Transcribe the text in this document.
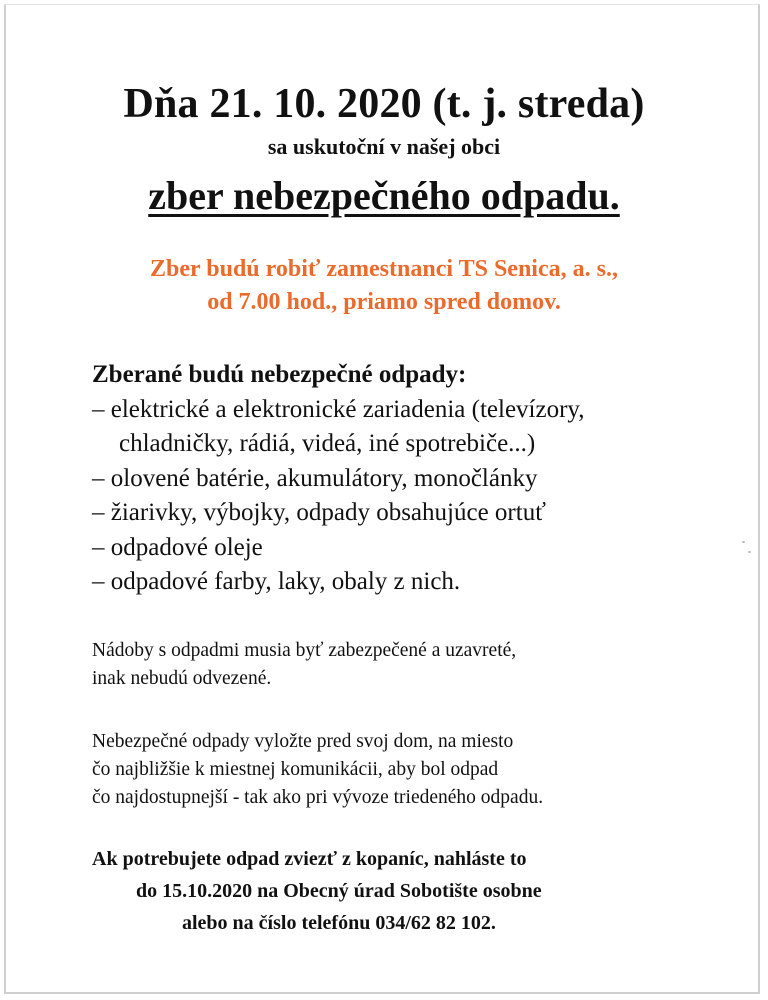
Dňa 21. 10. 2020 (t. j. streda)
sa uskutoční v našej obci
zber nebezpečného odpadu.
Zber budú robiť zamestnanci TS Senica, a. s.,
od 7.00 hod., priamo spred domov.
Zberané budú nebezpečné odpady:
– elektrické a elektronické zariadenia (televízory,
chladničky, rádiá, videá, iné spotrebiče...)
– olovené batérie, akumulátory, monočlánky
– žiarivky, výbojky, odpady obsahujúce ortuť
– odpadové oleje
– odpadové farby, laky, obaly z nich.
Nádoby s odpadmi musia byť zabezpečené a uzavreté,
inak nebudú odvezené.
Nebezpečné odpady vyložte pred svoj dom, na miesto
čo najbližšie k miestnej komunikácii, aby bol odpad
čo najdostupnejší - tak ako pri vývoze triedeného odpadu.
Ak potrebujete odpad zviezť z kopaníc, nahláste to
do 15.10.2020 na Obecný úrad Sobotište osobne
alebo na číslo telefónu 034/62 82 102.
